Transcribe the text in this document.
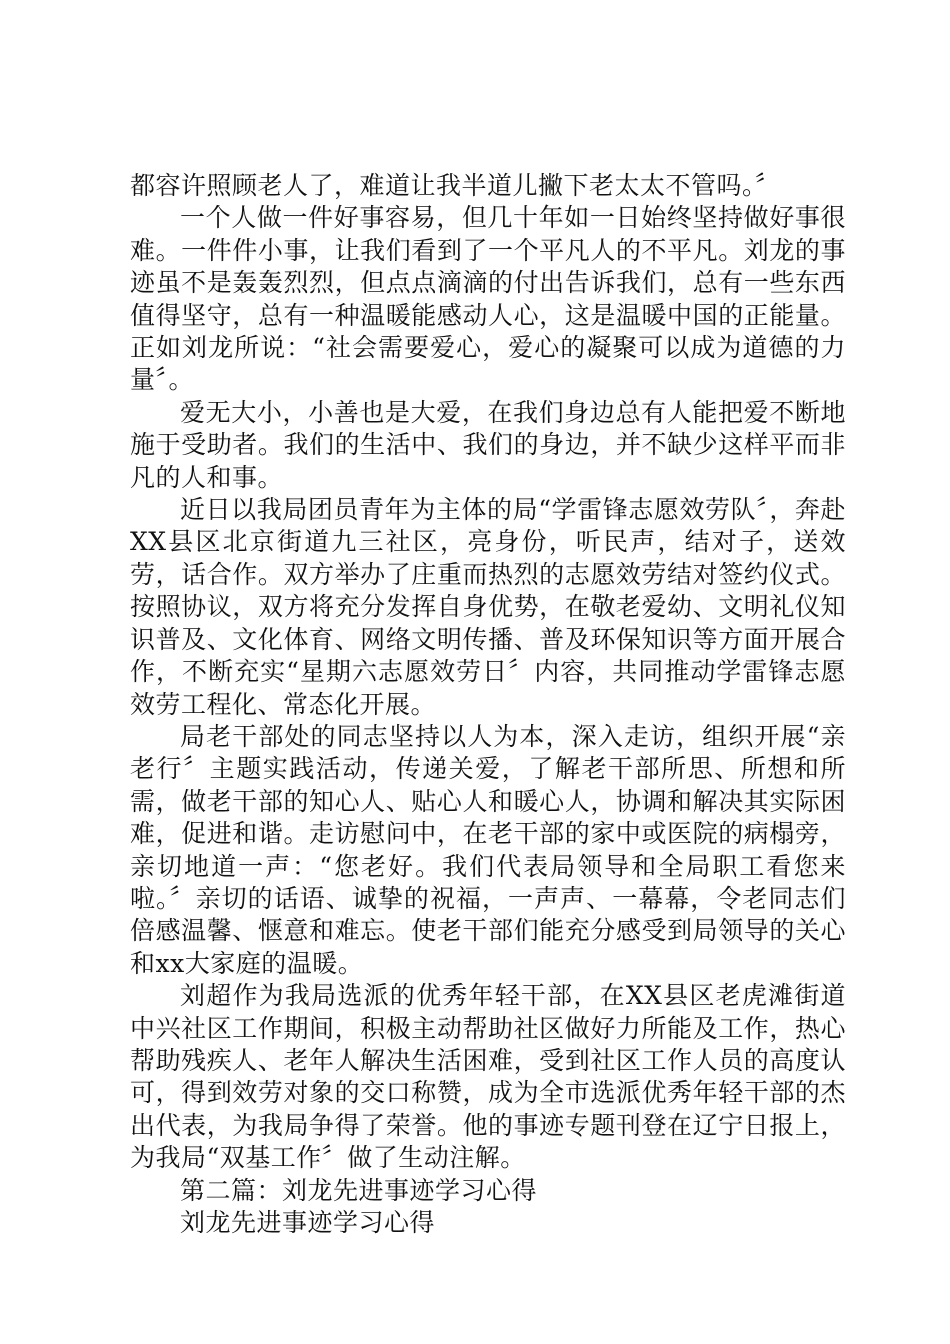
都容许照顾老人了，难道让我半道儿撇下老太太不管吗。〞

一个人做一件好事容易，但几十年如一日始终坚持做好事很难。一件件小事，让我们看到了一个平凡人的不平凡。刘龙的事迹虽不是轰轰烈烈，但点点滴滴的付出告诉我们，总有一些东西值得坚守，总有一种温暖能感动人心，这是温暖中国的正能量。正如刘龙所说：“社会需要爱心，爱心的凝聚可以成为道德的力量〞。

爱无大小，小善也是大爱，在我们身边总有人能把爱不断地施于受助者。我们的生活中、我们的身边，并不缺少这样平而非凡的人和事。

近日以我局团员青年为主体的局“学雷锋志愿效劳队〞，奔赴XX县区北京街道九三社区，亮身份，听民声，结对子，送效劳，话合作。双方举办了庄重而热烈的志愿效劳结对签约仪式。按照协议，双方将充分发挥自身优势，在敬老爱幼、文明礼仪知识普及、文化体育、网络文明传播、普及环保知识等方面开展合作，不断充实“星期六志愿效劳日〞内容，共同推动学雷锋志愿效劳工程化、常态化开展。

局老干部处的同志坚持以人为本，深入走访，组织开展“亲老行〞主题实践活动，传递关爱，了解老干部所思、所想和所需，做老干部的知心人、贴心人和暖心人，协调和解决其实际困难，促进和谐。走访慰问中，在老干部的家中或医院的病榻旁，亲切地道一声：“您老好。我们代表局领导和全局职工看您来啦。〞亲切的话语、诚挚的祝福，一声声、一幕幕，令老同志们倍感温馨、惬意和难忘。使老干部们能充分感受到局领导的关心和xx大家庭的温暖。

刘超作为我局选派的优秀年轻干部，在XX县区老虎滩街道中兴社区工作期间，积极主动帮助社区做好力所能及工作，热心帮助残疾人、老年人解决生活困难，受到社区工作人员的高度认可，得到效劳对象的交口称赞，成为全市选派优秀年轻干部的杰出代表，为我局争得了荣誉。他的事迹专题刊登在辽宁日报上，为我局“双基工作〞做了生动注解。

第二篇：刘龙先进事迹学习心得

刘龙先进事迹学习心得
